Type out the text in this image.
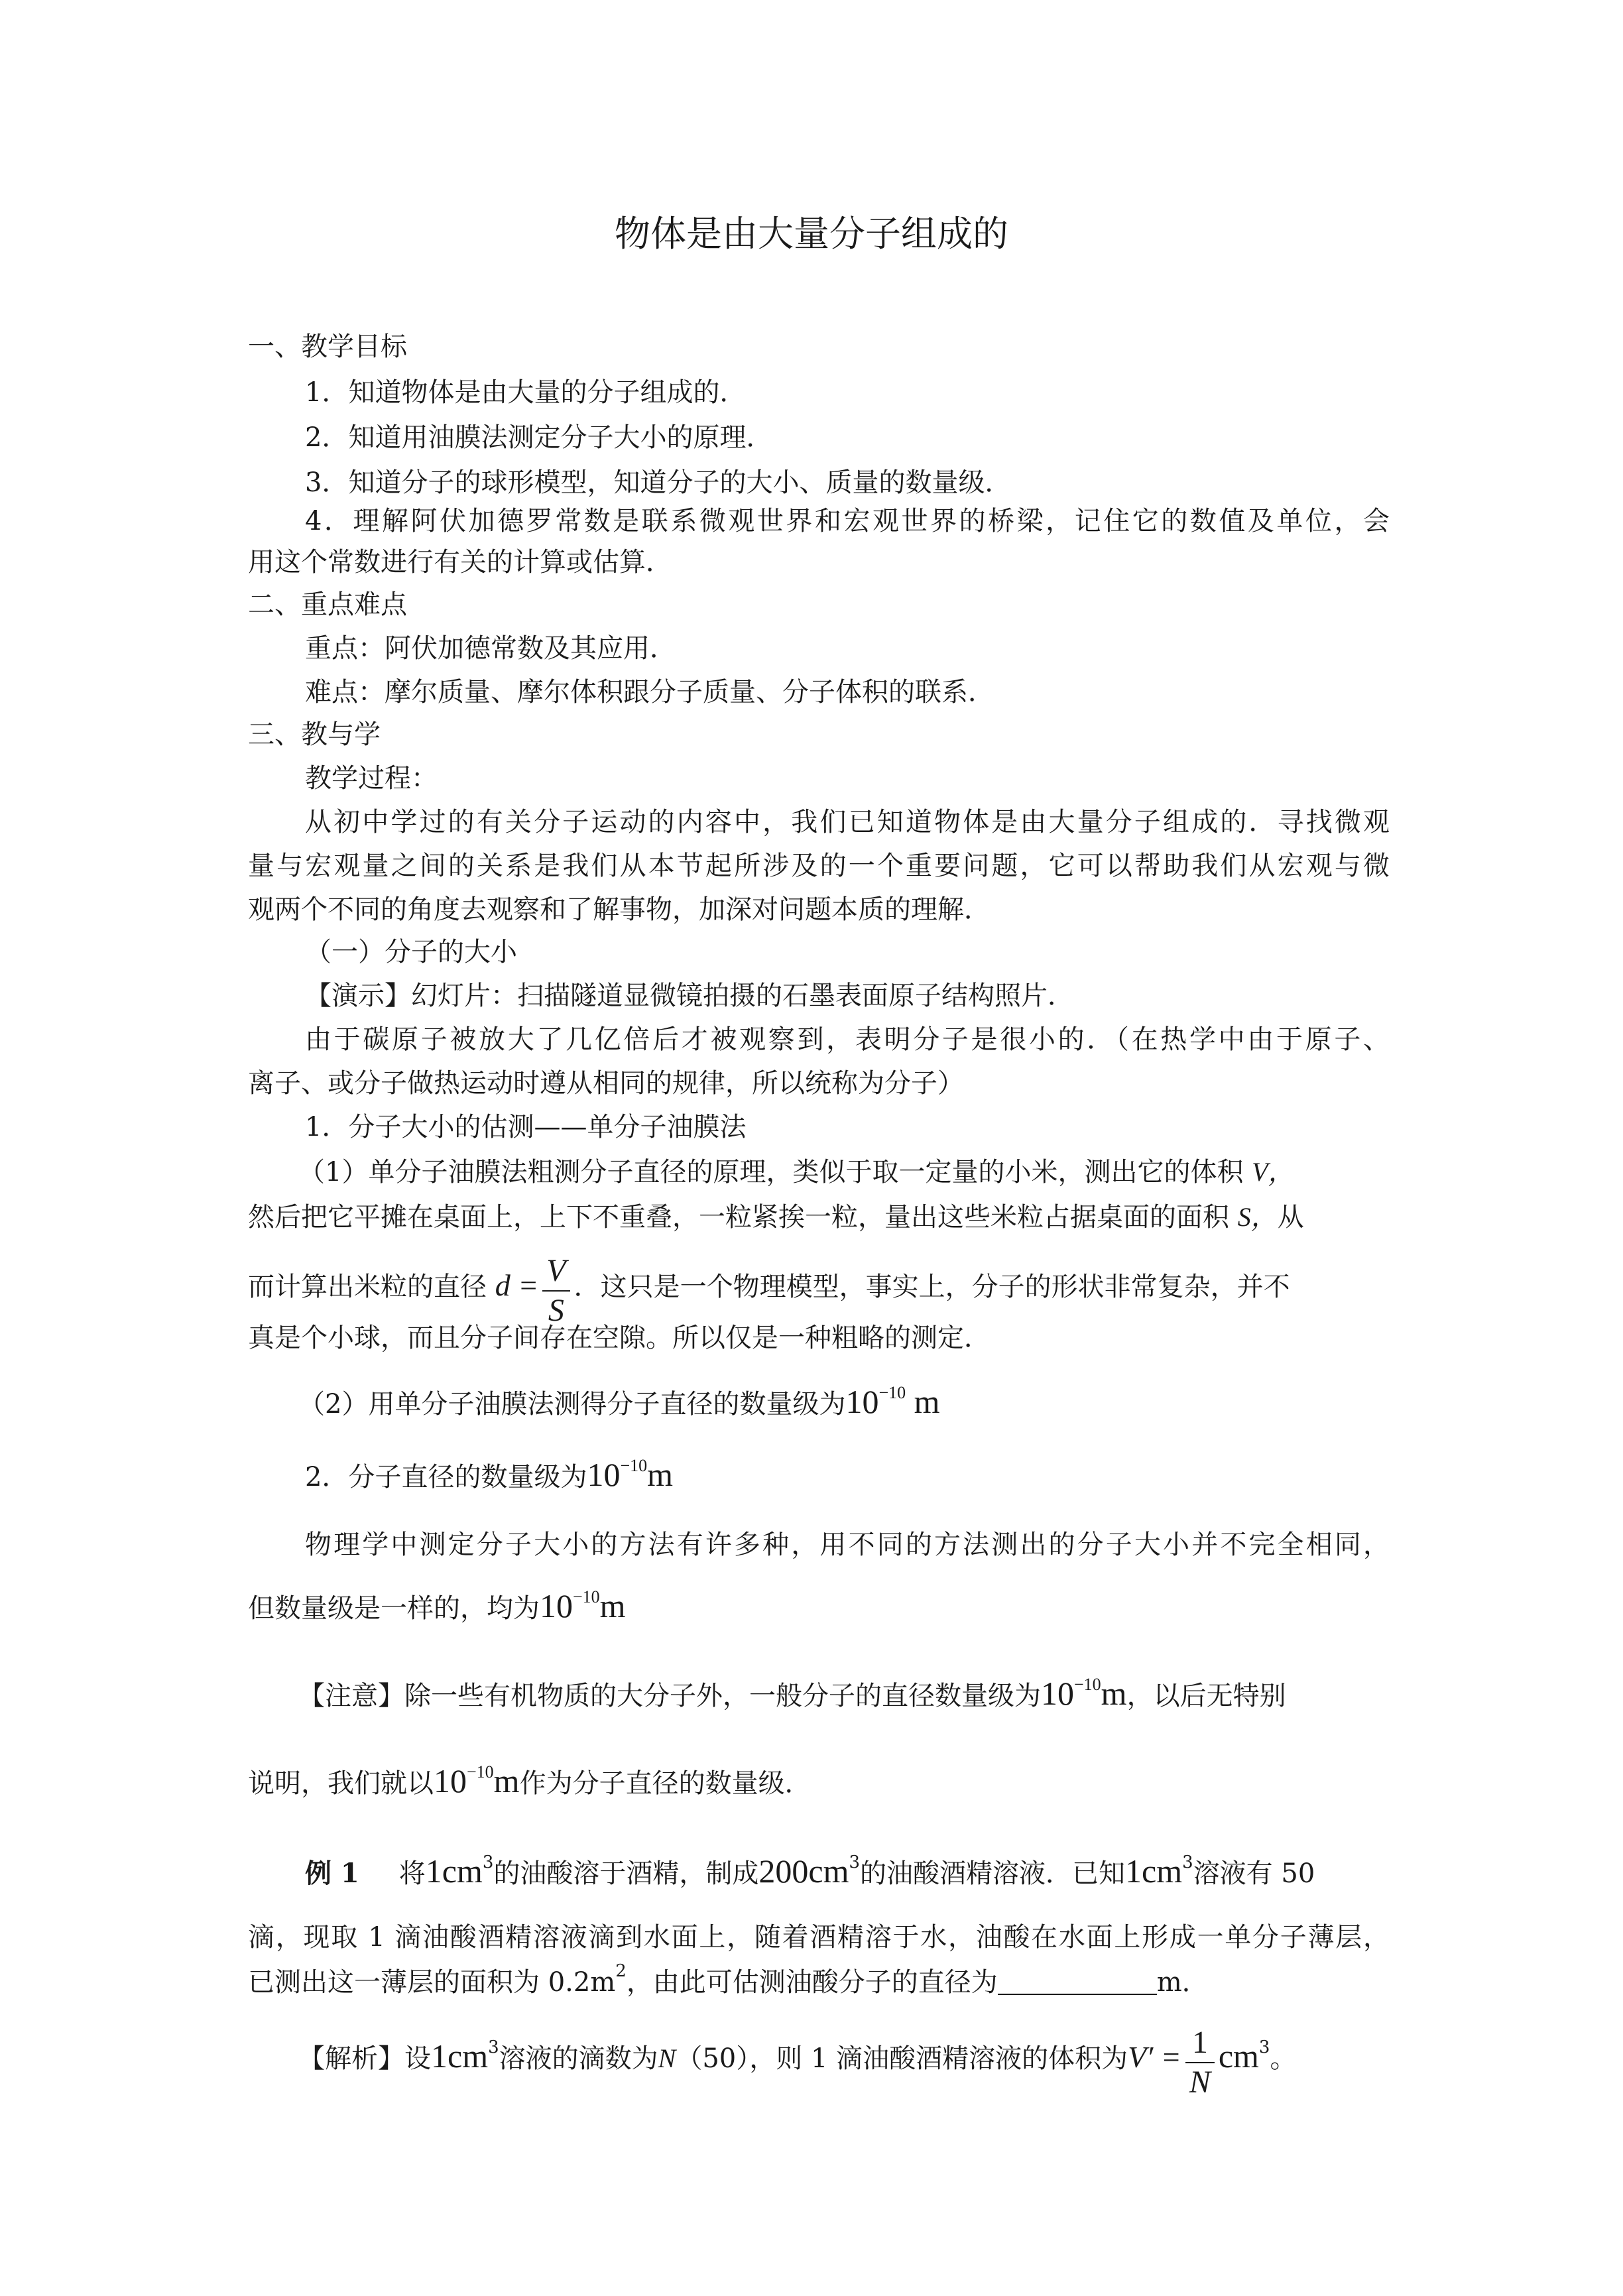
物体是由大量分子组成的
一、教学目标
1．知道物体是由大量的分子组成的．
2．知道用油膜法测定分子大小的原理．
3．知道分子的球形模型，知道分子的大小、质量的数量级．
4．理解阿伏加德罗常数是联系微观世界和宏观世界的桥梁，记住它的数值及单位，会
用这个常数进行有关的计算或估算．
二、重点难点
重点：阿伏加德常数及其应用．
难点：摩尔质量、摩尔体积跟分子质量、分子体积的联系．
三、教与学
教学过程：
从初中学过的有关分子运动的内容中，我们已知道物体是由大量分子组成的．寻找微观
量与宏观量之间的关系是我们从本节起所涉及的一个重要问题，它可以帮助我们从宏观与微
观两个不同的角度去观察和了解事物，加深对问题本质的理解．
（一）分子的大小
【演示】幻灯片：扫描隧道显微镜拍摄的石墨表面原子结构照片．
由于碳原子被放大了几亿倍后才被观察到，表明分子是很小的．（在热学中由于原子、
离子、或分子做热运动时遵从相同的规律，所以统称为分子）
1．分子大小的估测——单分子油膜法
（1）单分子油膜法粗测分子直径的原理，类似于取一定量的小米，测出它的体积 V，
然后把它平摊在桌面上，上下不重叠，一粒紧挨一粒，量出这些米粒占据桌面的面积 S，从
而计算出米粒的直径 $d = \frac{V}{S}$ ．这只是一个物理模型，事实上，分子的形状非常复杂，并不
真是个小球，而且分子间存在空隙。所以仅是一种粗略的测定．
（2）用单分子油膜法测得分子直径的数量级为$10^{-10}$ m
2．分子直径的数量级为$10^{-10}m$
物理学中测定分子大小的方法有许多种，用不同的方法测出的分子大小并不完全相同，
但数量级是一样的，均为$10^{-10}m$
【注意】除一些有机物质的大分子外，一般分子的直径数量级为$10^{-10}m$，以后无特别
说明，我们就以$10^{-10}m$作为分子直径的数量级．
例 1 将$1cm^3$的油酸溶于酒精，制成$200cm^3$的油酸酒精溶液．已知$1cm^3$溶液有 50
滴，现取 1 滴油酸酒精溶液滴到水面上，随着酒精溶于水，油酸在水面上形成一单分子薄层，
已测出这一薄层的面积为 $0.2m^2$，由此可估测油酸分子的直径为	m．
【解析】设$1cm^3$溶液的滴数为N（50），则 1 滴油酸酒精溶液的体积为$V' = \frac{1}{N} cm^3$。
